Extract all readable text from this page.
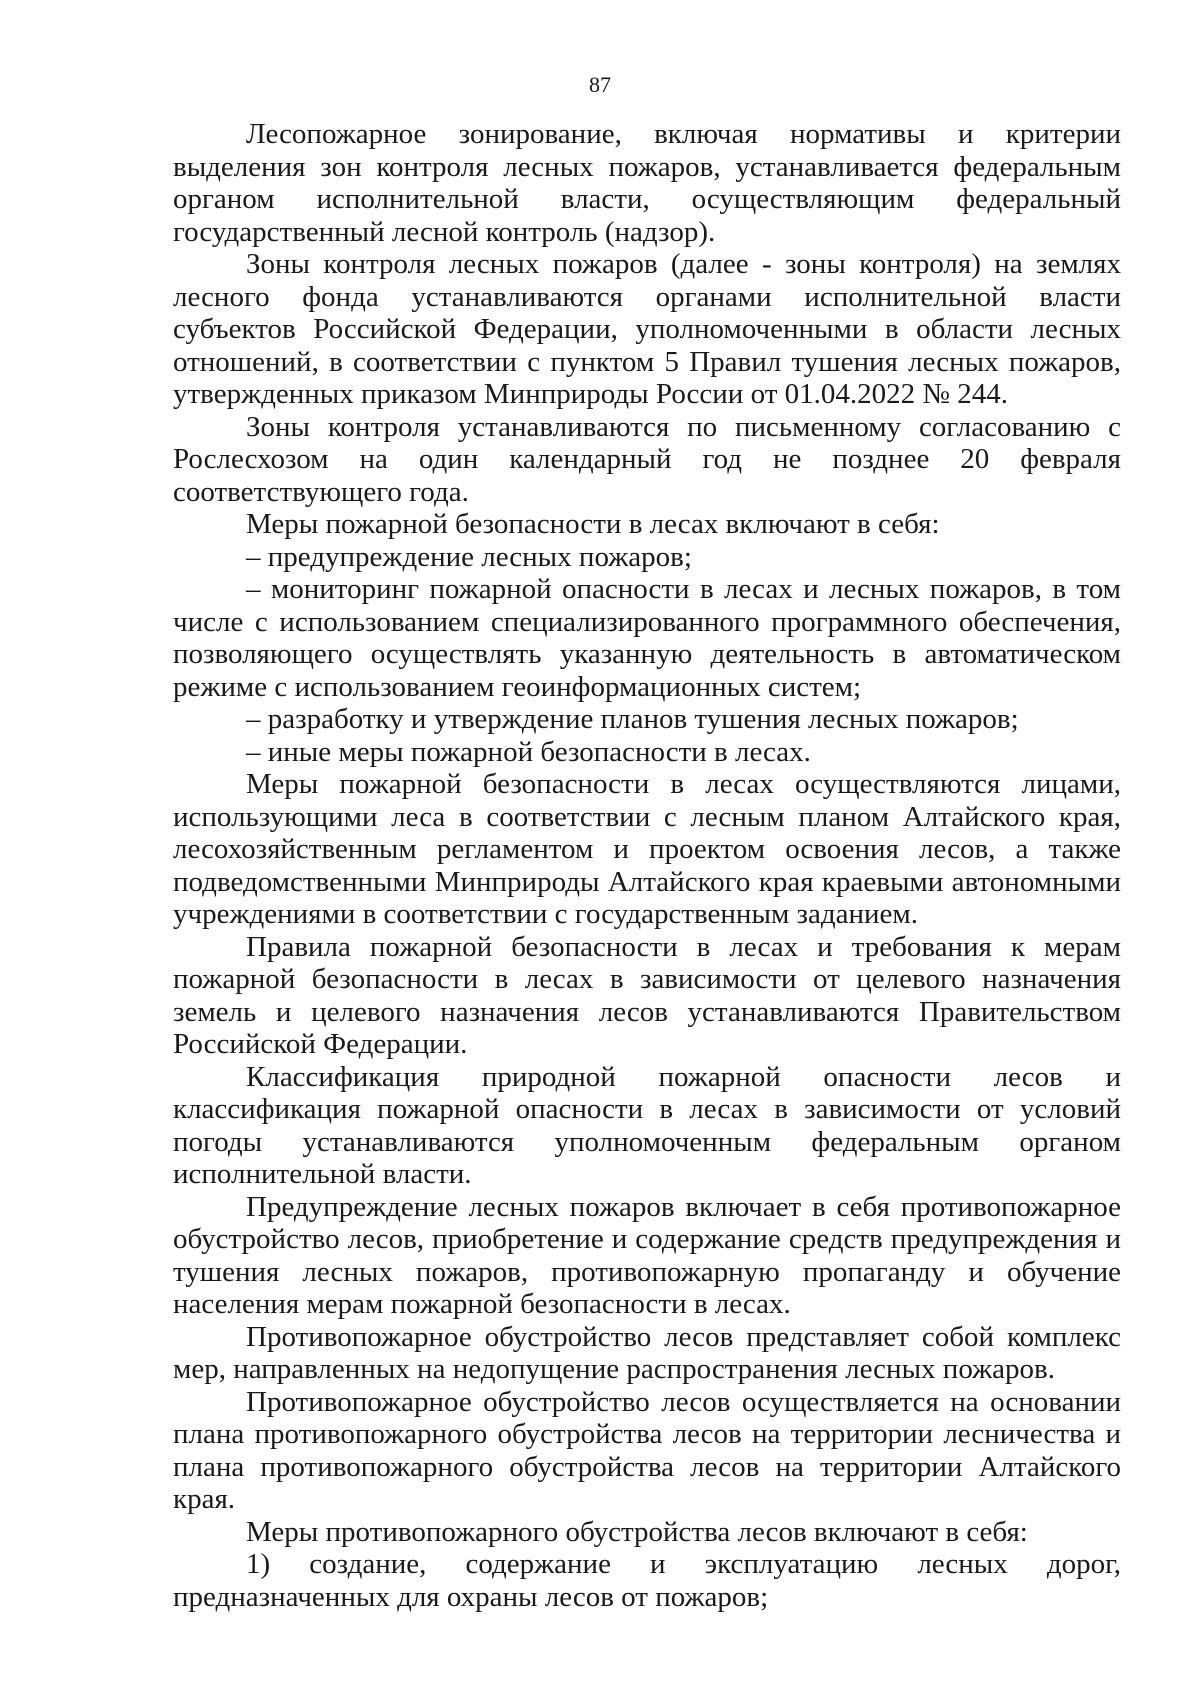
87

Лесопожарное зонирование, включая нормативы и критерии выделения зон контроля лесных пожаров, устанавливается федеральным органом исполнительной власти, осуществляющим федеральный государственный лесной контроль (надзор).

Зоны контроля лесных пожаров (далее - зоны контроля) на землях лесного фонда устанавливаются органами исполнительной власти субъектов Российской Федерации, уполномоченными в области лесных отношений, в соответствии с пунктом 5 Правил тушения лесных пожаров, утвержденных приказом Минприроды России от 01.04.2022 № 244.

Зоны контроля устанавливаются по письменному согласованию с Рослесхозом на один календарный год не позднее 20 февраля соответствующего года.

Меры пожарной безопасности в лесах включают в себя:

– предупреждение лесных пожаров;

– мониторинг пожарной опасности в лесах и лесных пожаров, в том числе с использованием специализированного программного обеспечения, позволяющего осуществлять указанную деятельность в автоматическом режиме с использованием геоинформационных систем;

– разработку и утверждение планов тушения лесных пожаров;

– иные меры пожарной безопасности в лесах.

Меры пожарной безопасности в лесах осуществляются лицами, использующими леса в соответствии с лесным планом Алтайского края, лесохозяйственным регламентом и проектом освоения лесов, а также подведомственными Минприроды Алтайского края краевыми автономными учреждениями в соответствии с государственным заданием.

Правила пожарной безопасности в лесах и требования к мерам пожарной безопасности в лесах в зависимости от целевого назначения земель и целевого назначения лесов устанавливаются Правительством Российской Федерации.

Классификация природной пожарной опасности лесов и классификация пожарной опасности в лесах в зависимости от условий погоды устанавливаются уполномоченным федеральным органом исполнительной власти.

Предупреждение лесных пожаров включает в себя противопожарное обустройство лесов, приобретение и содержание средств предупреждения и тушения лесных пожаров, противопожарную пропаганду и обучение населения мерам пожарной безопасности в лесах.

Противопожарное обустройство лесов представляет собой комплекс мер, направленных на недопущение распространения лесных пожаров.

Противопожарное обустройство лесов осуществляется на основании плана противопожарного обустройства лесов на территории лесничества и плана противопожарного обустройства лесов на территории Алтайского края.

Меры противопожарного обустройства лесов включают в себя:

1) создание, содержание и эксплуатацию лесных дорог, предназначенных для охраны лесов от пожаров;
